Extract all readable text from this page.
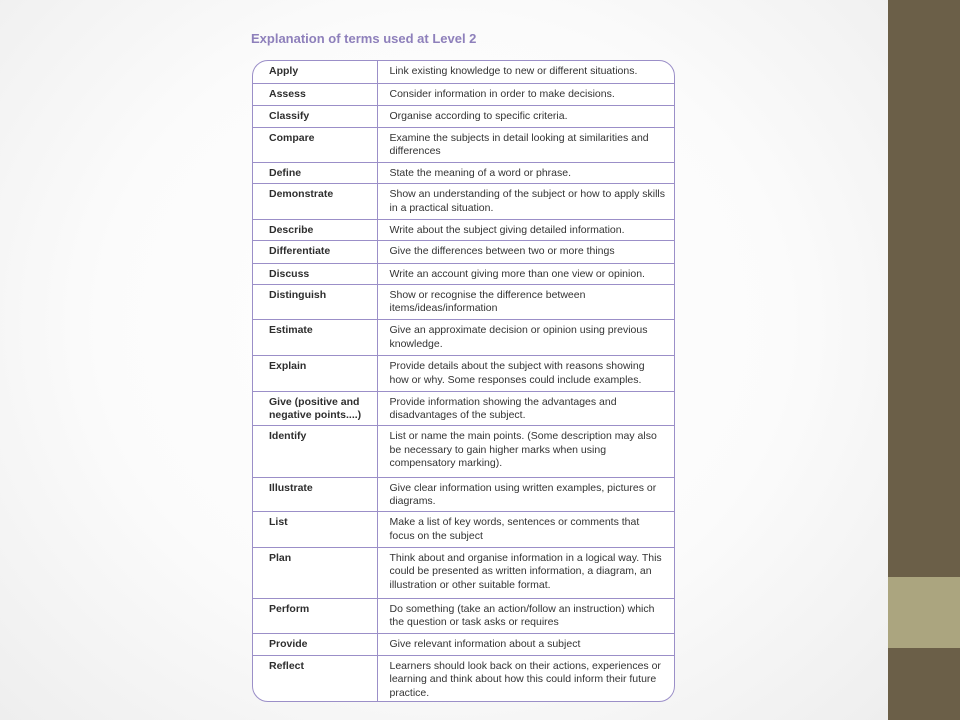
Explanation of terms used at Level 2
Apply	Link existing knowledge to new or different situations.
Assess	Consider information in order to make decisions.
Classify	Organise according to specific criteria.
Compare	Examine the subjects in detail looking at similarities and differences
Define	State the meaning of a word or phrase.
Demonstrate	Show an understanding of the subject or how to apply skills in a practical situation.
Describe	Write about the subject giving detailed information.
Differentiate	Give the differences between two or more things
Discuss	Write an account giving more than one view or opinion.
Distinguish	Show or recognise the difference between items/ideas/information
Estimate	Give an approximate decision or opinion using previous knowledge.
Explain	Provide details about the subject with reasons showing how or why. Some responses could include examples.
Give (positive and negative points....)	Provide information showing the advantages and disadvantages of the subject.
Identify	List or name the main points. (Some description may also be necessary to gain higher marks when using compensatory marking).
Illustrate	Give clear information using written examples, pictures or diagrams.
List	Make a list of key words, sentences or comments that focus on the subject
Plan	Think about and organise information in a logical way. This could be presented as written information, a diagram, an illustration or other suitable format.
Perform	Do something (take an action/follow an instruction) which the question or task asks or requires
Provide	Give relevant information about a subject
Reflect	Learners should look back on their actions, experiences or learning and think about how this could inform their future practice.
